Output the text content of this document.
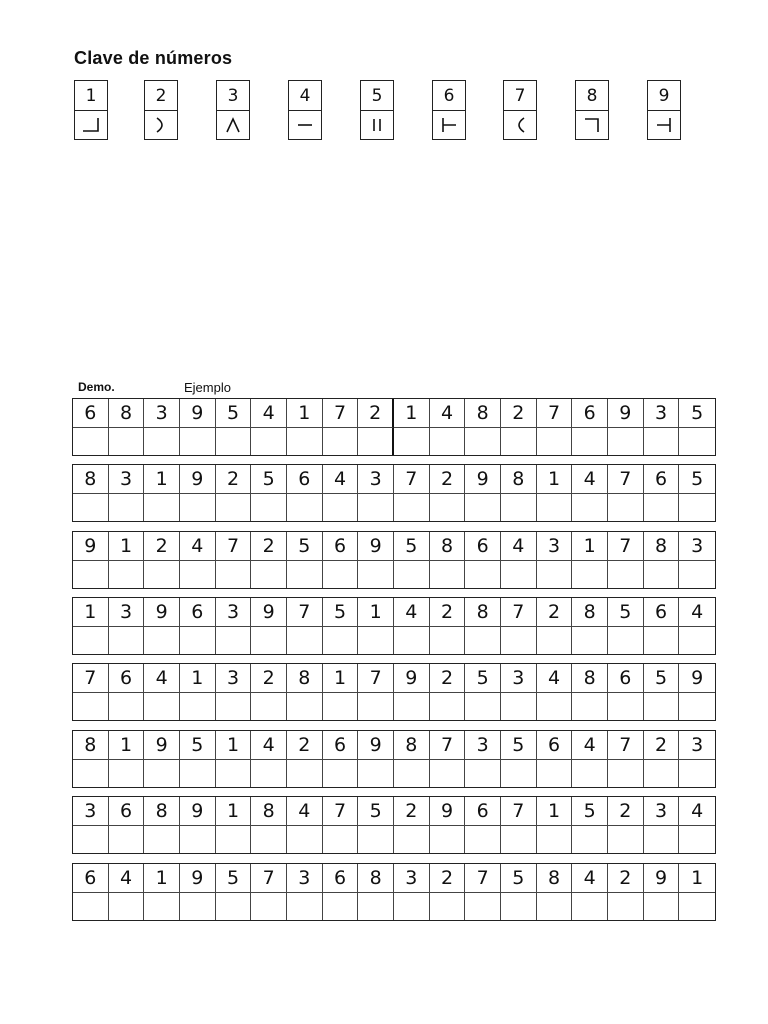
Clave de números
1	2	3	4	5	6	7	8	9
Demo.	Ejemplo
6	8	3	9	5	4	1	7	2	1	4	8	2	7	6	9	3	5
8	3	1	9	2	5	6	4	3	7	2	9	8	1	4	7	6	5
9	1	2	4	7	2	5	6	9	5	8	6	4	3	1	7	8	3
1	3	9	6	3	9	7	5	1	4	2	8	7	2	8	5	6	4
7	6	4	1	3	2	8	1	7	9	2	5	3	4	8	6	5	9
8	1	9	5	1	4	2	6	9	8	7	3	5	6	4	7	2	3
3	6	8	9	1	8	4	7	5	2	9	6	7	1	5	2	3	4
6	4	1	9	5	7	3	6	8	3	2	7	5	8	4	2	9	1
